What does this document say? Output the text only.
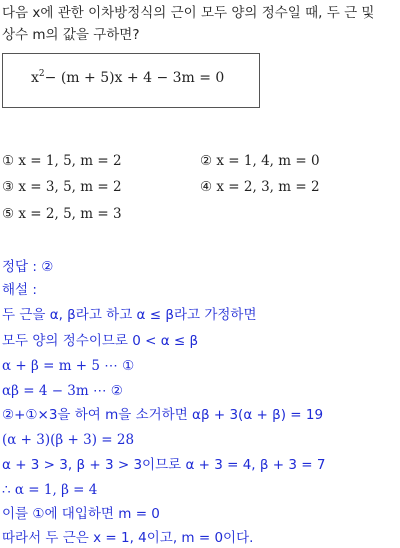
다음 x에 관한 이차방정식의 근이 모두 양의 정수일 때, 두 근 및
상수 m의 값을 구하면?
$x^2- (m + 5)x + 4 - 3m = 0$
① x = 1, 5, m = 2	② x = 1, 4, m = 0
③ x = 3, 5, m = 2	④ x = 2, 3, m = 2
⑤ x = 2, 5, m = 3
정답 : ②
해설 :
두 근을 α, β라고 하고 α ≤ β라고 가정하면
모두 양의 정수이므로 0 < α ≤ β
α + β = m + 5 ⋯ ①
αβ = 4 − 3m ⋯ ②
②+①×3을 하여 m을 소거하면 αβ + 3(α + β) = 19
(α + 3)(β + 3) = 28
α + 3 > 3, β + 3 > 3이므로 α + 3 = 4, β + 3 = 7
∴ α = 1, β = 4
이를 ①에 대입하면 m = 0
따라서 두 근은 x = 1, 4이고, m = 0이다.
